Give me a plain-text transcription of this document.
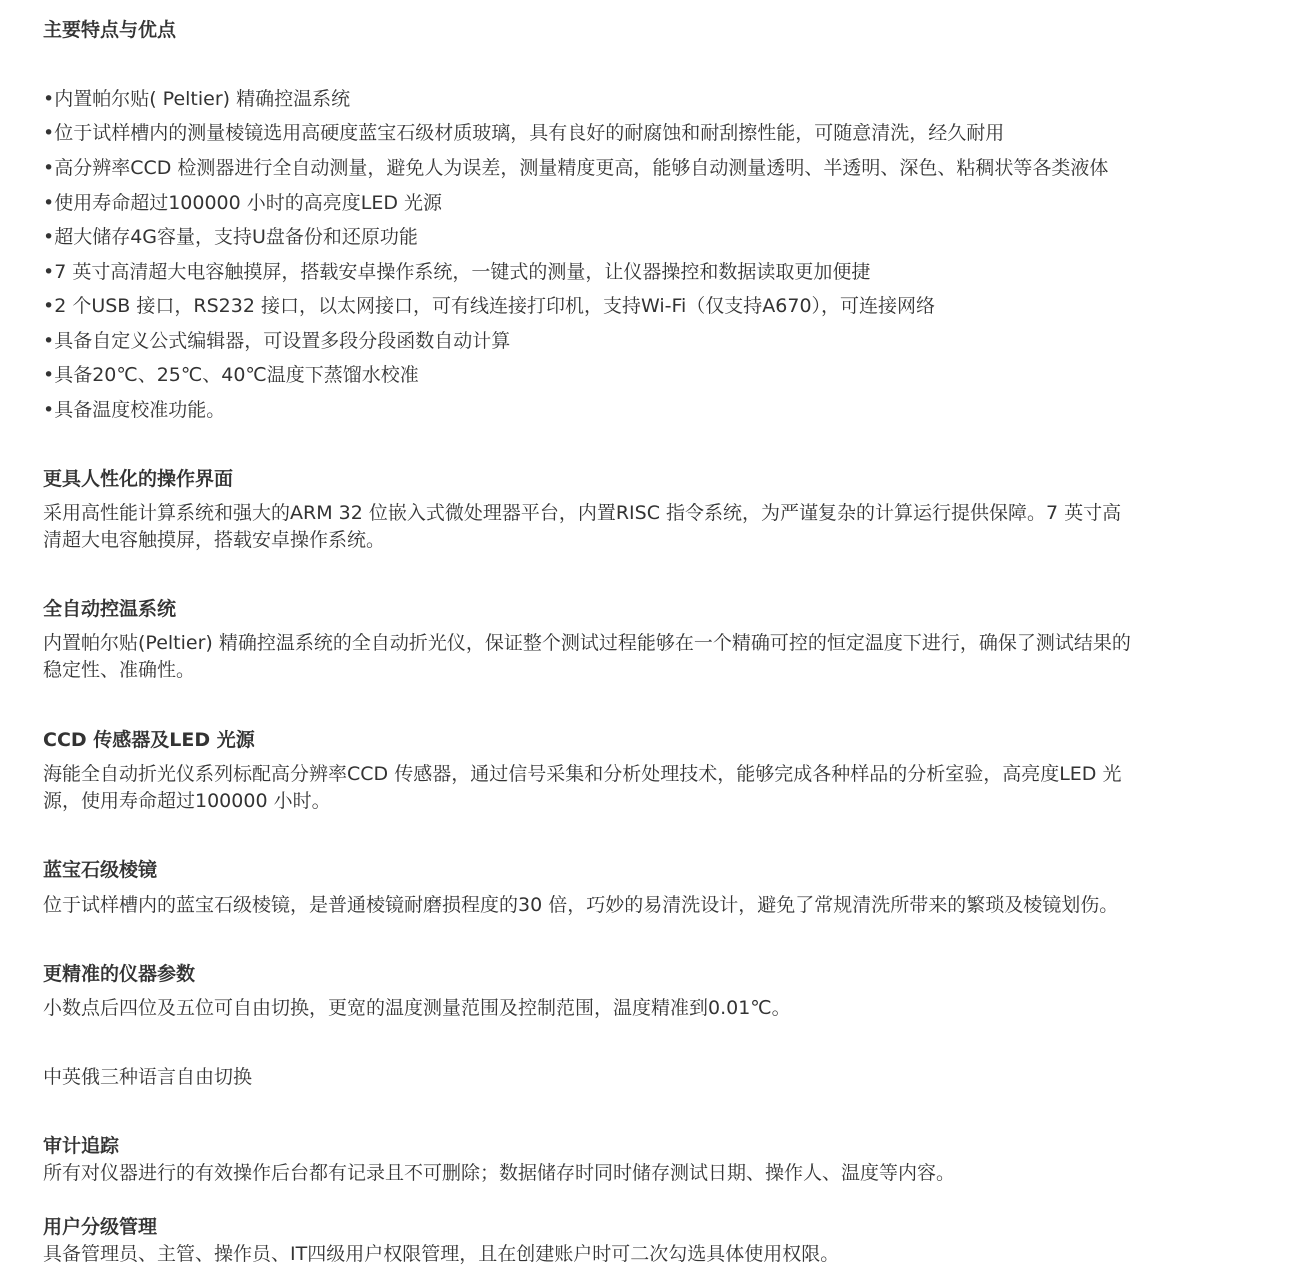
主要特点与优点

•内置帕尔贴( Peltier) 精确控温系统

•位于试样槽内的测量棱镜选用高硬度蓝宝石级材质玻璃，具有良好的耐腐蚀和耐刮擦性能，可随意清洗，经久耐用

•高分辨率CCD 检测器进行全自动测量，避免人为误差，测量精度更高，能够自动测量透明、半透明、深色、粘稠状等各类液体

•使用寿命超过100000 小时的高亮度LED 光源

•超大储存4G容量，支持U盘备份和还原功能

•7 英寸高清超大电容触摸屏，搭载安卓操作系统，一键式的测量，让仪器操控和数据读取更加便捷

•2 个USB 接口，RS232 接口，以太网接口，可有线连接打印机，支持Wi-Fi（仅支持A670），可连接网络

•具备自定义公式编辑器，可设置多段分段函数自动计算

•具备20℃、25℃、40℃温度下蒸馏水校准

•具备温度校准功能。

更具人性化的操作界面

采用高性能计算系统和强大的ARM 32 位嵌入式微处理器平台，内置RISC 指令系统，为严谨复杂的计算运行提供保障。7 英寸高

清超大电容触摸屏，搭载安卓操作系统。

全自动控温系统

内置帕尔贴(Peltier) 精确控温系统的全自动折光仪，保证整个测试过程能够在一个精确可控的恒定温度下进行，确保了测试结果的

稳定性、准确性。

CCD 传感器及LED 光源

海能全自动折光仪系列标配高分辨率CCD 传感器，通过信号采集和分析处理技术，能够完成各种样品的分析室验，高亮度LED 光

源，使用寿命超过100000 小时。

蓝宝石级棱镜

位于试样槽内的蓝宝石级棱镜，是普通棱镜耐磨损程度的30 倍，巧妙的易清洗设计，避免了常规清洗所带来的繁琐及棱镜划伤。

更精准的仪器参数

小数点后四位及五位可自由切换，更宽的温度测量范围及控制范围，温度精准到0.01℃。

中英俄三种语言自由切换

审计追踪

所有对仪器进行的有效操作后台都有记录且不可删除；数据储存时同时储存测试日期、操作人、温度等内容。

用户分级管理

具备管理员、主管、操作员、IT四级用户权限管理，且在创建账户时可二次勾选具体使用权限。
